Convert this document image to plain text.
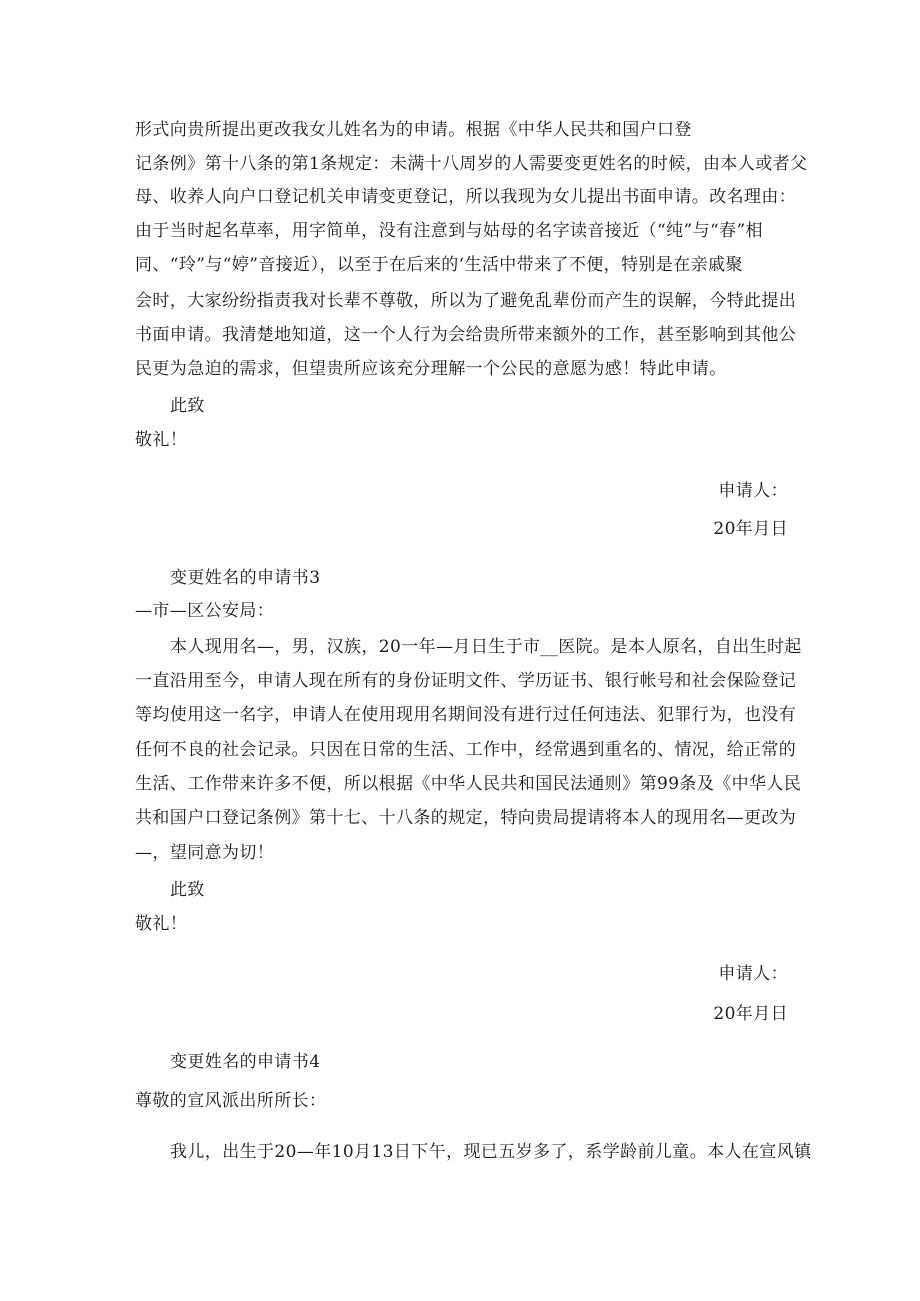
形式向贵所提出更改我女儿姓名为的申请。根据《中华人民共和国户口登
记条例》第十八条的第1条规定：未满十八周岁的人需要变更姓名的时候，由本人或者父
母、收养人向户口登记机关申请变更登记，所以我现为女儿提出书面申请。改名理由：
由于当时起名草率，用字简单，没有注意到与姑母的名字读音接近（“纯”与“春”相
同、“玲”与“婷”音接近），以至于在后来的‘生活中带来了不便，特别是在亲戚聚
会时，大家纷纷指责我对长辈不尊敬，所以为了避免乱辈份而产生的误解，今特此提出
书面申请。我清楚地知道，这一个人行为会给贵所带来额外的工作，甚至影响到其他公
民更为急迫的需求，但望贵所应该充分理解一个公民的意愿为感！特此申请。
此致
敬礼！
申请人：
20年月日
变更姓名的申请书3
—市—区公安局：
本人现用名—，男，汉族，20一年—月日生于市__医院。是本人原名，自出生时起
一直沿用至今，申请人现在所有的身份证明文件、学历证书、银行帐号和社会保险登记
等均使用这一名字，申请人在使用现用名期间没有进行过任何违法、犯罪行为，也没有
任何不良的社会记录。只因在日常的生活、工作中，经常遇到重名的、情况，给正常的
生活、工作带来许多不便，所以根据《中华人民共和国民法通则》第99条及《中华人民
共和国户口登记条例》第十七、十八条的规定，特向贵局提请将本人的现用名—更改为
—，望同意为切！
此致
敬礼！
申请人：
20年月日
变更姓名的申请书4
尊敬的宣风派出所所长：
我儿，出生于20—年10月13日下午，现已五岁多了，系学龄前儿童。本人在宣风镇
